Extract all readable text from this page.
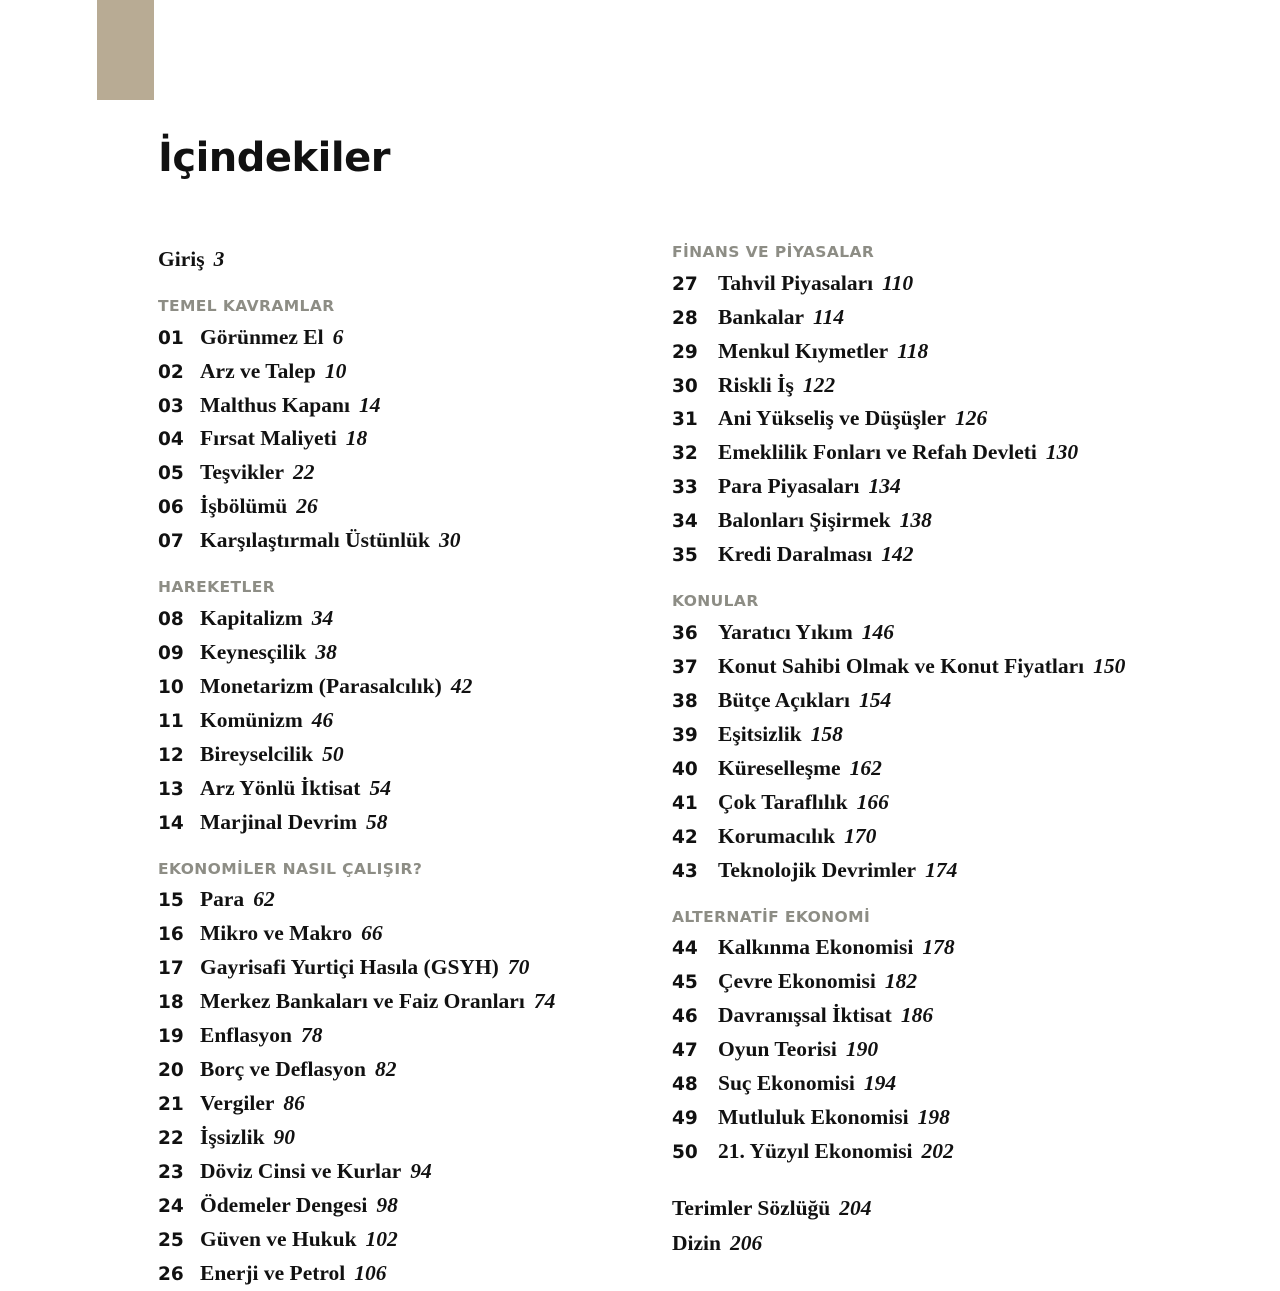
İçindekiler
Giriş 3
TEMEL KAVRAMLAR
01 Görünmez El 6
02 Arz ve Talep 10
03 Malthus Kapanı 14
04 Fırsat Maliyeti 18
05 Teşvikler 22
06 İşbölümü 26
07 Karşılaştırmalı Üstünlük 30
HAREKETLER
08 Kapitalizm 34
09 Keynesçilik 38
10 Monetarizm (Parasalcılık) 42
11 Komünizm 46
12 Bireyselcilik 50
13 Arz Yönlü İktisat 54
14 Marjinal Devrim 58
EKONOMİLER NASIL ÇALIŞIR?
15 Para 62
16 Mikro ve Makro 66
17 Gayrisafi Yurtiçi Hasıla (GSYH) 70
18 Merkez Bankaları ve Faiz Oranları 74
19 Enflasyon 78
20 Borç ve Deflasyon 82
21 Vergiler 86
22 İşsizlik 90
23 Döviz Cinsi ve Kurlar 94
24 Ödemeler Dengesi 98
25 Güven ve Hukuk 102
26 Enerji ve Petrol 106
FİNANS VE PİYASALAR
27 Tahvil Piyasaları 110
28 Bankalar 114
29 Menkul Kıymetler 118
30 Riskli İş 122
31 Ani Yükseliş ve Düşüşler 126
32 Emeklilik Fonları ve Refah Devleti 130
33 Para Piyasaları 134
34 Balonları Şişirmek 138
35 Kredi Daralması 142
KONULAR
36 Yaratıcı Yıkım 146
37 Konut Sahibi Olmak ve Konut Fiyatları 150
38 Bütçe Açıkları 154
39 Eşitsizlik 158
40 Küreselleşme 162
41 Çok Taraflılık 166
42 Korumacılık 170
43 Teknolojik Devrimler 174
ALTERNATİF EKONOMİ
44 Kalkınma Ekonomisi 178
45 Çevre Ekonomisi 182
46 Davranışsal İktisat 186
47 Oyun Teorisi 190
48 Suç Ekonomisi 194
49 Mutluluk Ekonomisi 198
50 21. Yüzyıl Ekonomisi 202
Terimler Sözlüğü 204
Dizin 206
